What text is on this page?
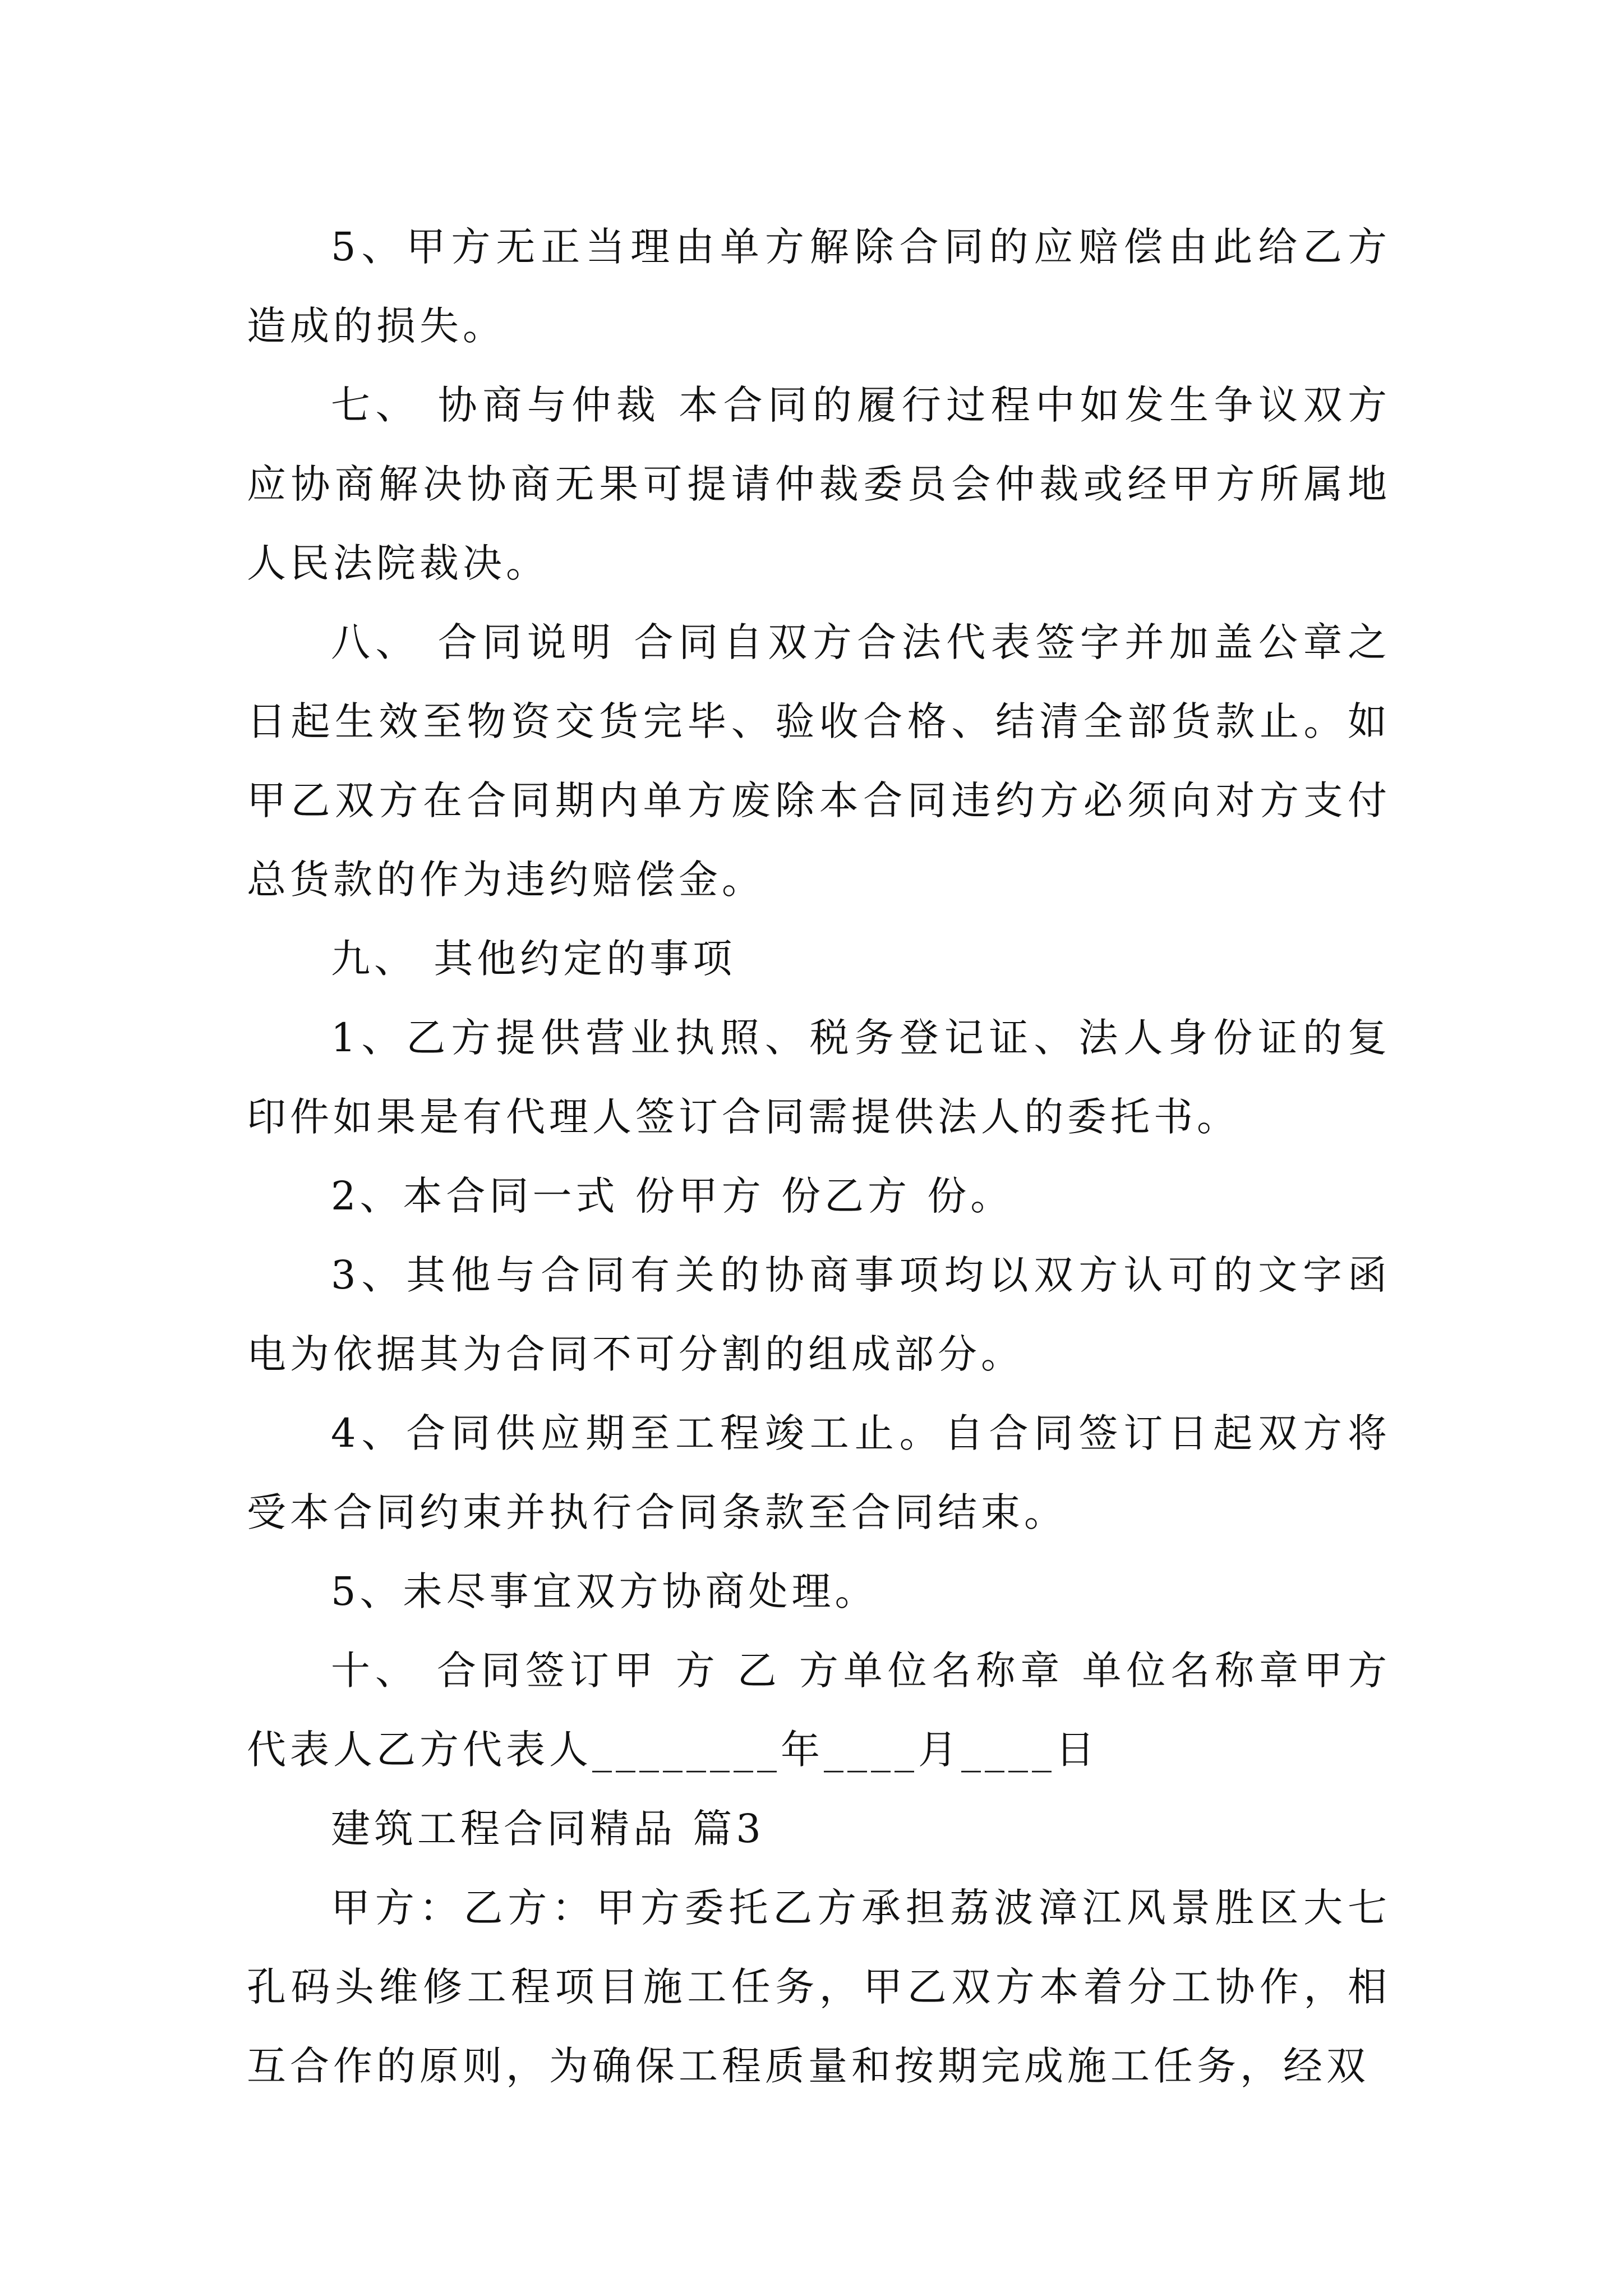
5、甲方无正当理由单方解除合同的应赔偿由此给乙方造成的损失。

七、 协商与仲裁 本合同的履行过程中如发生争议双方应协商解决协商无果可提请仲裁委员会仲裁或经甲方所属地人民法院裁决。

八、 合同说明 合同自双方合法代表签字并加盖公章之日起生效至物资交货完毕、验收合格、结清全部货款止。如甲乙双方在合同期内单方废除本合同违约方必须向对方支付总货款的作为违约赔偿金。

九、 其他约定的事项

1、乙方提供营业执照、税务登记证、法人身份证的复印件如果是有代理人签订合同需提供法人的委托书。

2、本合同一式 份甲方 份乙方 份。

3、其他与合同有关的协商事项均以双方认可的文字函电为依据其为合同不可分割的组成部分。

4、合同供应期至工程竣工止。自合同签订日起双方将受本合同约束并执行合同条款至合同结束。

5、未尽事宜双方协商处理。

十、 合同签订甲 方 乙 方单位名称章 单位名称章甲方代表人乙方代表人________年____月____日

建筑工程合同精品 篇3

甲方：乙方：甲方委托乙方承担荔波漳江风景胜区大七孔码头维修工程项目施工任务，甲乙双方本着分工协作，相互合作的原则，为确保工程质量和按期完成施工任务，经双
